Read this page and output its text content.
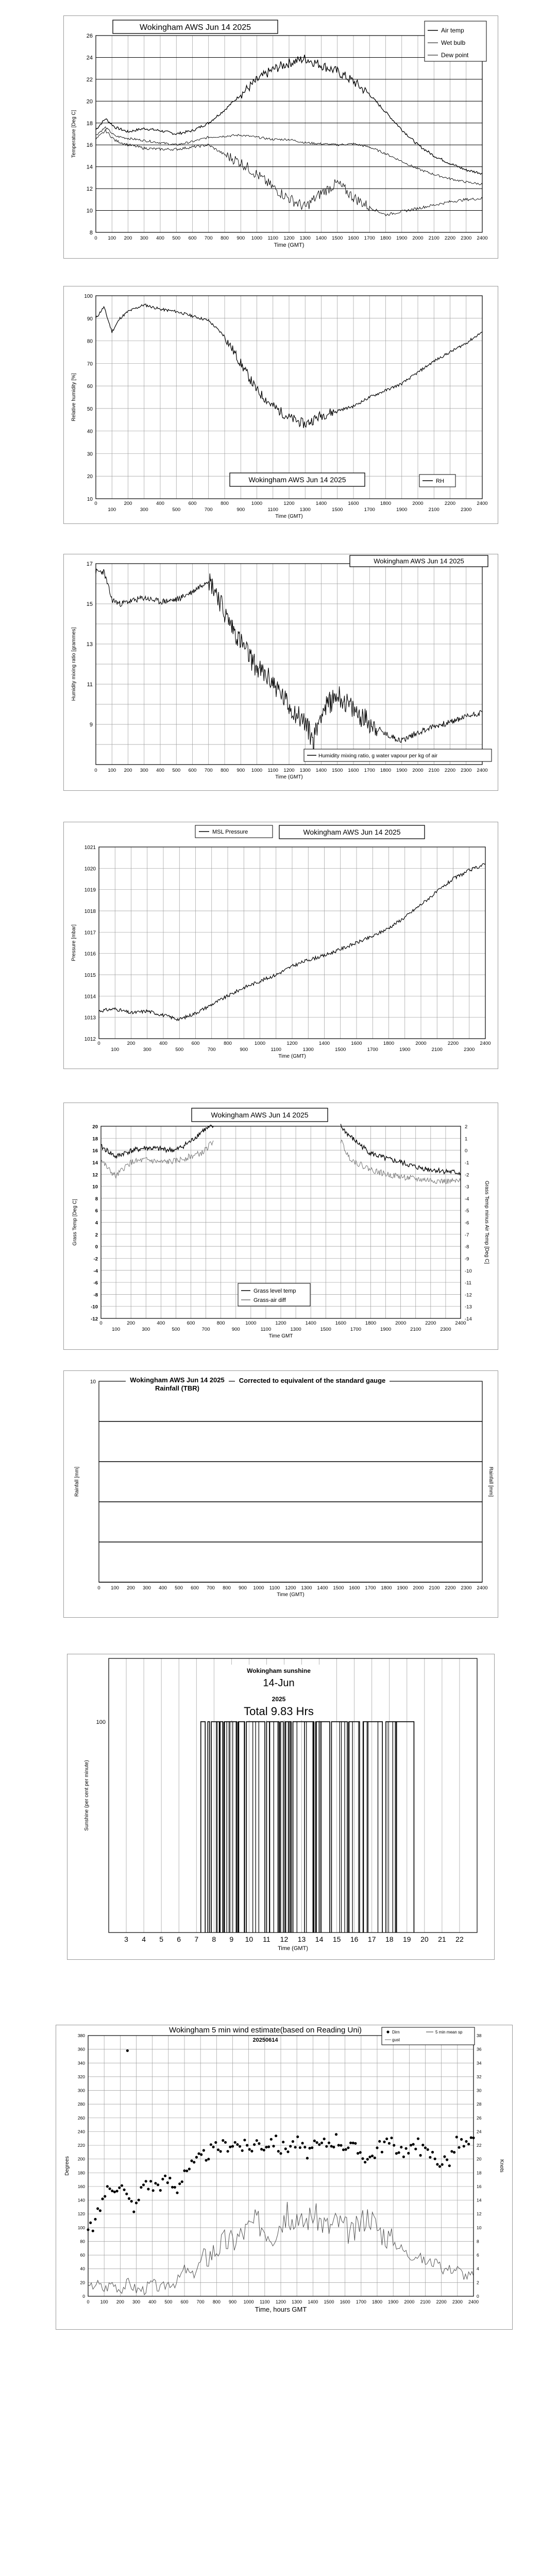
8
10
12
14
16
18
20
22
24
26
0 100 200 300 400 500 600 700 800 900 1000 1100 1200 1300 1400 1500 1600 1700 1800 1900 2000 2100 2200 2300 2400
Time (GMT)
Temperature [Deg C]
Wokingham AWS Jun 14 2025	Air temp
Wet bulb
Dew point
10
20
30
40
50
60
70
80
90
100
0	200	400	600	800	1000	1200	1400	1600	1800	2000	2200	2400
100	300	500	700	900	1100	1300	1500	1700	1900	2100	2300
Time (GMT)
Relative humidity [%]
Wokingham AWS Jun 14 2025	RH
9
11
13
15
17
0 100 200 300 400 500 600 700 800 900 1000 1100 1200 1300 1400 1500 1600 1700 1800 1900 2000 2100 2200 2300 2400
Time (GMT)
Humidity mixing ratio [grammes]
Wokingham AWS Jun 14 2025
Humidity mixing ratio, g water vapour per kg of air
1012
1013
1014
1015
1016
1017
1018
1019
1020
1021
0	200	400	600	800	1000	1200	1400	1600	1800	2000	2200	2400
100	300	500	700	900	1100	1300	1500	1700	1900	2100	2300
Time (GMT)
Pressure [mbar]
MSL Pressure	Wokingham AWS Jun 14 2025
20
18
16
14
12
10
8
6
4
2
0
-2
-4
-6
-8
-10
-12
2
1
0
-1
-2
-3
-4
-5
-6
-7
-8
-9
-10
-11
-12
-13
-14
0	200	400	600	800	1000	1200	1400	1600	1800	2000	2200	2400
100	300	500	700	900	1100	1300	1500	1700	1900	2100	2300
Time GMT
Grass Temp [Deg C]	Grass Temp minus Air Temp [Deg C]
Wokingham AWS Jun 14 2025
Grass level temp
Grass-air diff
10
0 100 200 300 400 500 600 700 800 900 1000 1100 1200 1300 1400 1500 1600 1700 1800 1900 2000 2100 2200 2300 2400
Time (GMT)
Rainfall [mm]	Rainfall [mm]
Wokingham AWS Jun 14 2025
Rainfall (TBR)
Corrected to equivalent of the standard gauge
3 4 5 6 7 8 9 10 11 12 13 14 15 16 17 18 19 20 21 22
Time (GMT)
100
Sunshine (per cent per minute)
Wokingham sunshine
14-Jun
2025
Total 9.83 Hrs
0
20
40
60
80
100
120
140
160
180
200
220
240
260
280
300
320
340
360
380
0
2
4
6
8
10
12
14
16
18
20
22
24
26
28
30
32
34
36
38
0 100 200 300 400 500 600 700 800 900 1000 1100 1200 1300 1400 1500 1600 1700 1800 1900 2000 2100 2200 2300 2400
Time, hours GMT
Degrees	Knots
Wokingham 5 min wind estimate(based on Reading Uni)
20250614
Dirn
gust
5 min mean sp
